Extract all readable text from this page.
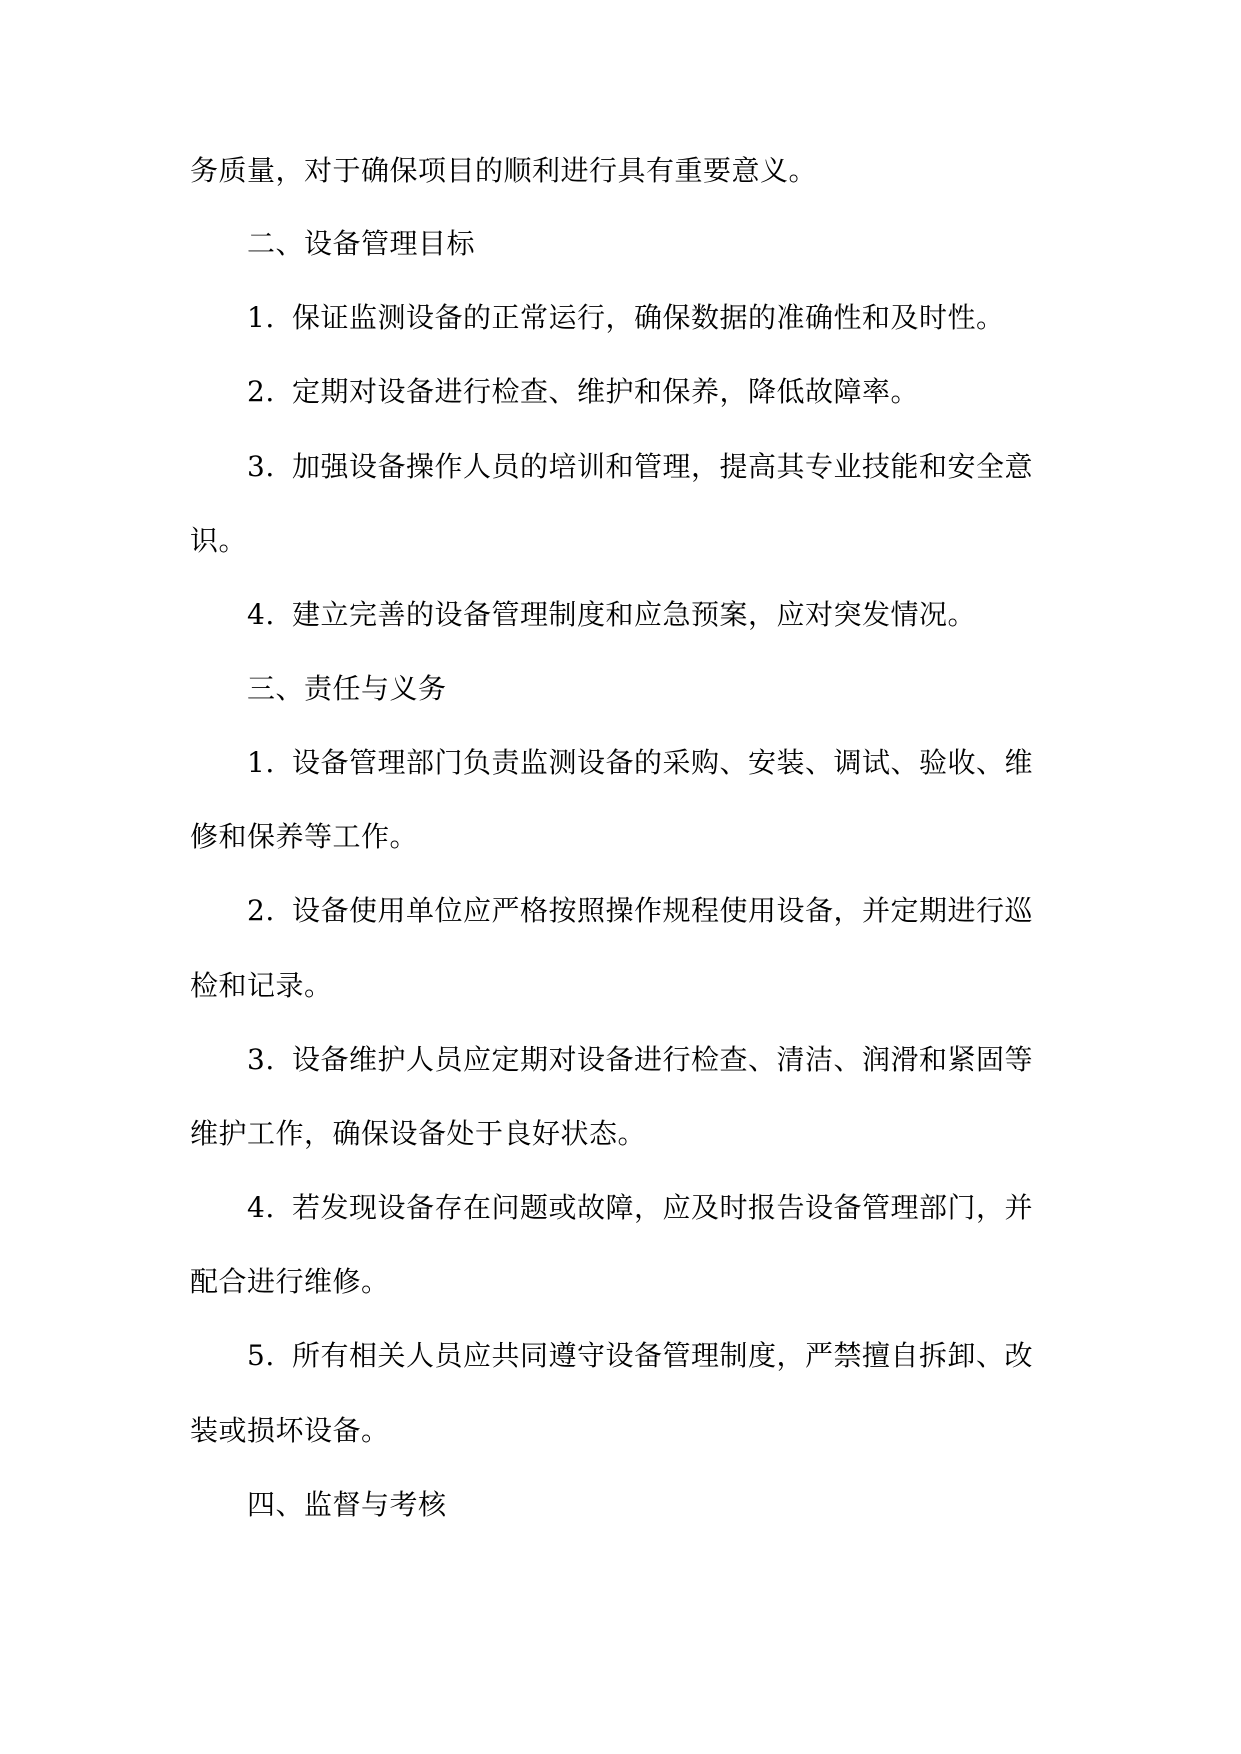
务质量，对于确保项目的顺利进行具有重要意义。
二、设备管理目标
1. 保证监测设备的正常运行，确保数据的准确性和及时性。
2. 定期对设备进行检查、维护和保养，降低故障率。
3. 加强设备操作人员的培训和管理，提高其专业技能和安全意
识。
4. 建立完善的设备管理制度和应急预案，应对突发情况。
三、责任与义务
1. 设备管理部门负责监测设备的采购、安装、调试、验收、维
修和保养等工作。
2. 设备使用单位应严格按照操作规程使用设备，并定期进行巡
检和记录。
3. 设备维护人员应定期对设备进行检查、清洁、润滑和紧固等
维护工作，确保设备处于良好状态。
4. 若发现设备存在问题或故障，应及时报告设备管理部门，并
配合进行维修。
5. 所有相关人员应共同遵守设备管理制度，严禁擅自拆卸、改
装或损坏设备。
四、监督与考核
